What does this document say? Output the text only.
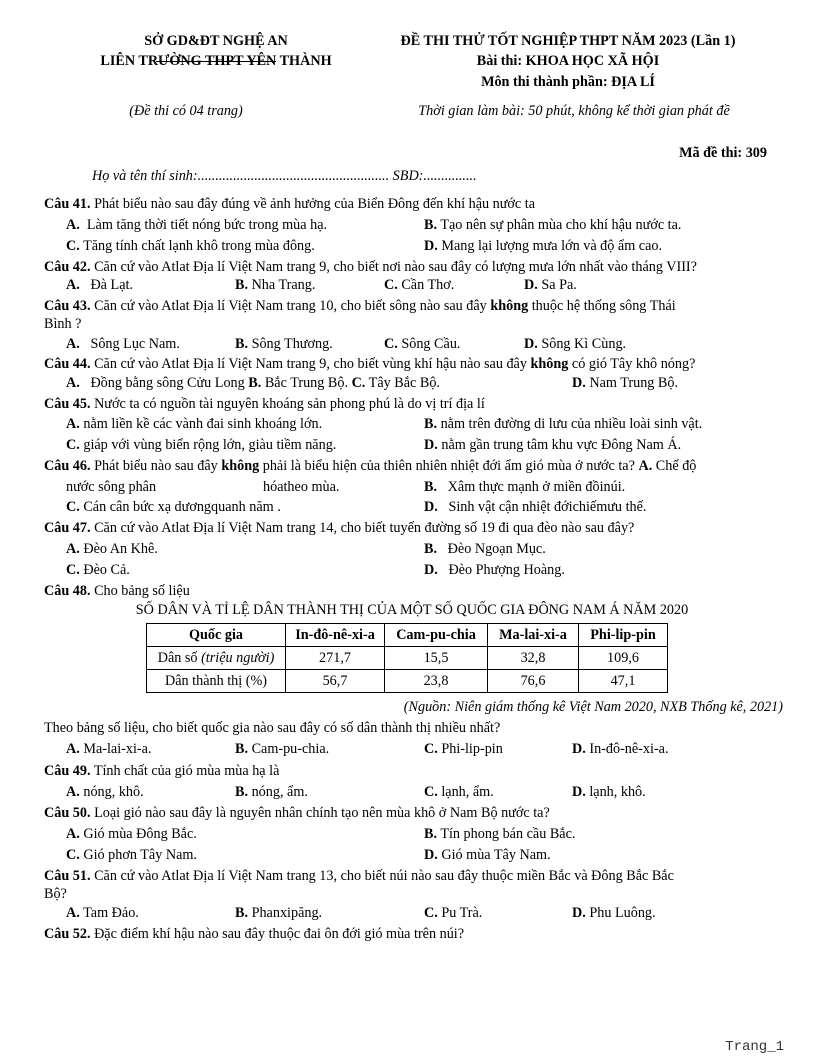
SỞ GD&ĐT NGHỆ AN
LIÊN TRƯỜNG THPT YÊN THÀNH
ĐỀ THI THỬ TỐT NGHIỆP THPT NĂM 2023 (Lần 1)
Bài thi: KHOA HỌC XÃ HỘI
Môn thi thành phần: ĐỊA LÍ
(Đề thi có 04 trang)	Thời gian làm bài: 50 phút, không kể thời gian phát đề
Mã đề thi: 309
Họ và tên thí sinh:...................................................... SBD:...............
Câu 41. Phát biểu nào sau đây đúng về ảnh hưởng của Biển Đông đến khí hậu nước ta
A. Làm tăng thời tiết nóng bức trong mùa hạ.	B. Tạo nên sự phân mùa cho khí hậu nước ta.
C. Tăng tính chất lạnh khô trong mùa đông.	D. Mang lại lượng mưa lớn và độ ẩm cao.
Câu 42. Căn cứ vào Atlat Địa lí Việt Nam trang 9, cho biết nơi nào sau đây có lượng mưa lớn nhất vào tháng VIII?
A. Đà Lạt.	B. Nha Trang.	C. Cần Thơ.	D. Sa Pa.
Câu 43. Căn cứ vào Atlat Địa lí Việt Nam trang 10, cho biết sông nào sau đây không thuộc hệ thống sông Thái
Bình ?
A. Sông Lục Nam.	B. Sông Thương.	C. Sông Cầu.	D. Sông Kì Cùng.
Câu 44. Căn cứ vào Atlat Địa lí Việt Nam trang 9, cho biết vùng khí hậu nào sau đây không có gió Tây khô nóng?
A. Đồng bằng sông Cửu Long B. Bắc Trung Bộ. C. Tây Bắc Bộ.	D. Nam Trung Bộ.
Câu 45. Nước ta có nguồn tài nguyên khoáng sản phong phú là do vị trí địa lí
A. nằm liền kề các vành đai sinh khoáng lớn.	B. nằm trên đường di lưu của nhiều loài sinh vật.
C. giáp với vùng biển rộng lớn, giàu tiềm năng.	D. nằm gần trung tâm khu vực Đông Nam Á.
Câu 46. Phát biểu nào sau đây không phải là biểu hiện của thiên nhiên nhiệt đới ẩm gió mùa ở nước ta? A. Chế độ
nước sông phân	hóatheo mùa.	B. Xâm thực mạnh ở miền đồinúi.
C. Cán cân bức xạ dươngquanh năm .	D. Sinh vật cận nhiệt đớichiếmưu thế.
Câu 47. Căn cứ vào Atlat Địa lí Việt Nam trang 14, cho biết tuyến đường số 19 đi qua đèo nào sau đây?
A. Đèo An Khê.	B. Đèo Ngoạn Mục.
C. Đèo Cả.	D. Đèo Phượng Hoàng.
Câu 48. Cho bảng số liệu
SỐ DÂN VÀ TỈ LỆ DÂN THÀNH THỊ CỦA MỘT SỐ QUỐC GIA ĐÔNG NAM Á NĂM 2020
Quốc gia	In-đô-nê-xi-a	Cam-pu-chia	Ma-lai-xi-a	Phi-lip-pin
Dân số (triệu người)	271,7	15,5	32,8	109,6
Dân thành thị (%)	56,7	23,8	76,6	47,1
(Nguồn: Niên giám thống kê Việt Nam 2020, NXB Thống kê, 2021)
Theo bảng số liệu, cho biết quốc gia nào sau đây có số dân thành thị nhiều nhất?
A. Ma-lai-xi-a.	B. Cam-pu-chia.	C. Phi-lip-pin	D. In-đô-nê-xi-a.
Câu 49. Tính chất của gió mùa mùa hạ là
A. nóng, khô.	B. nóng, ẩm.	C. lạnh, ẩm.	D. lạnh, khô.
Câu 50. Loại gió nào sau đây là nguyên nhân chính tạo nên mùa khô ở Nam Bộ nước ta?
A. Gió mùa Đông Bắc.	B. Tín phong bán cầu Bắc.
C. Gió phơn Tây Nam.	D. Gió mùa Tây Nam.
Câu 51. Căn cứ vào Atlat Địa lí Việt Nam trang 13, cho biết núi nào sau đây thuộc miền Bắc và Đông Bắc Bắc
Bộ?
A. Tam Đảo.	B. Phanxipăng.	C. Pu Trà.	D. Phu Luông.
Câu 52. Đặc điểm khí hậu nào sau đây thuộc đai ôn đới gió mùa trên núi?
Trang_1
